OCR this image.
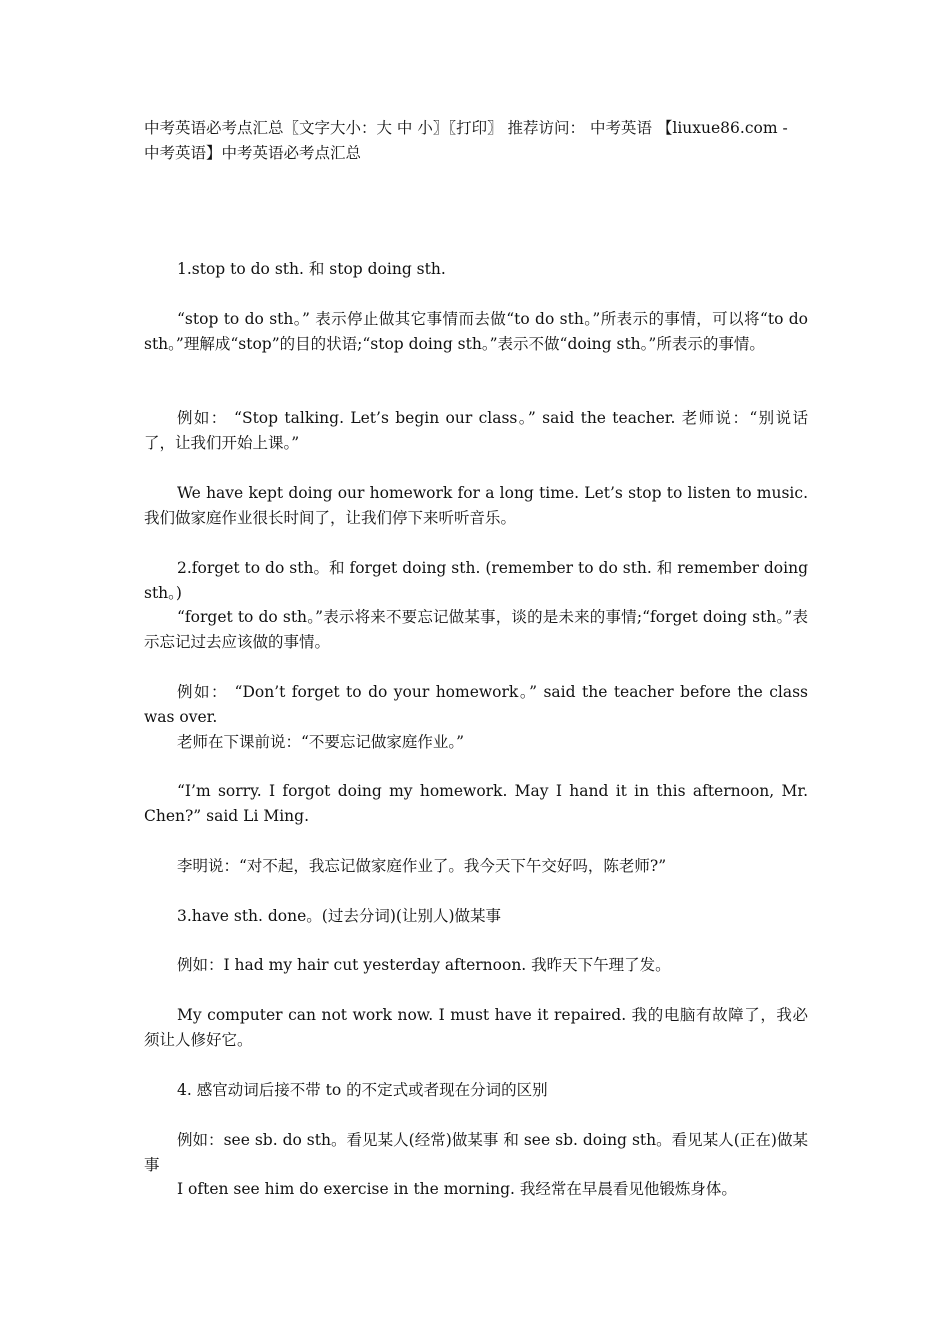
中考英语必考点汇总〖文字大小：大 中 小〗〖打印〗 推荐访问： 中考英语 【liuxue86.com - 中考英语】中考英语必考点汇总

1.stop to do sth. 和 stop doing sth.

“stop to do sth。” 表示停止做其它事情而去做“to do sth。”所表示的事情，可以将“to do sth。”理解成“stop”的目的状语;“stop doing sth。”表示不做“doing sth。”所表示的事情。

例如： “Stop talking. Let’s begin our class。” said the teacher. 老师说：“别说话了，让我们开始上课。”

We have kept doing our homework for a long time. Let’s stop to listen to music. 我们做家庭作业很长时间了，让我们停下来听听音乐。

2.forget to do sth。和 forget doing sth. (remember to do sth. 和 remember doing sth。)

“forget to do sth。”表示将来不要忘记做某事，谈的是未来的事情;“forget doing sth。”表示忘记过去应该做的事情。

例如： “Don’t forget to do your homework。” said the teacher before the class was over.

老师在下课前说：“不要忘记做家庭作业。”

“I’m sorry. I forgot doing my homework. May I hand it in this afternoon, Mr. Chen?” said Li Ming.

李明说：“对不起，我忘记做家庭作业了。我今天下午交好吗，陈老师?”

3.have sth. done。(过去分词)(让别人)做某事

例如：I had my hair cut yesterday afternoon. 我昨天下午理了发。

My computer can not work now. I must have it repaired. 我的电脑有故障了，我必须让人修好它。

4. 感官动词后接不带 to 的不定式或者现在分词的区别

例如：see sb. do sth。看见某人(经常)做某事 和 see sb. doing sth。看见某人(正在)做某事

I often see him do exercise in the morning. 我经常在早晨看见他锻炼身体。
